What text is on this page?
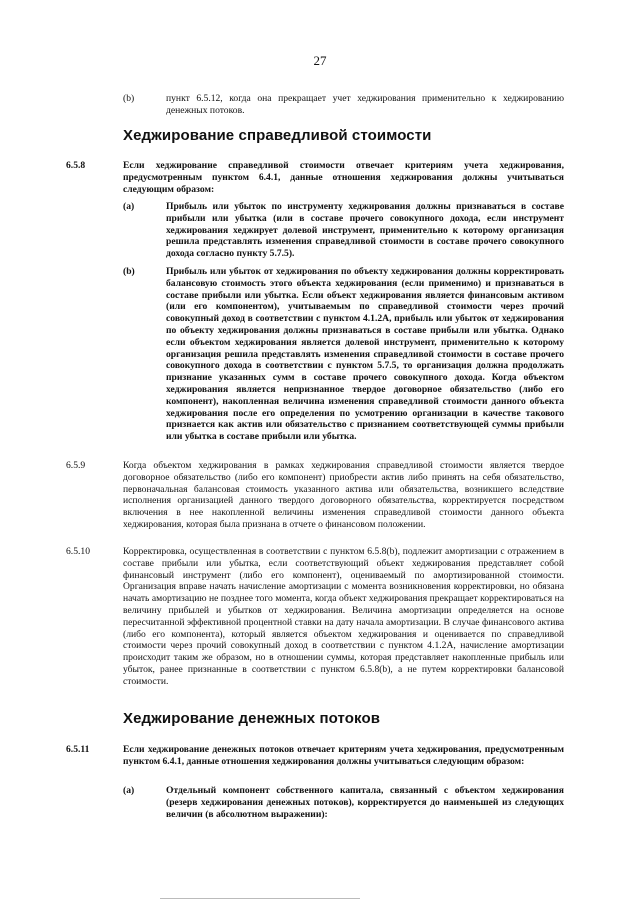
27
(b)	пункт 6.5.12, когда она прекращает учет хеджирования применительно к хеджированию денежных потоков.
Хеджирование справедливой стоимости
6.5.8	Если хеджирование справедливой стоимости отвечает критериям учета хеджирования, предусмотренным пунктом 6.4.1, данные отношения хеджирования должны учитываться следующим образом:
(a)	Прибыль или убыток по инструменту хеджирования должны признаваться в составе прибыли или убытка (или в составе прочего совокупного дохода, если инструмент хеджирования хеджирует долевой инструмент, применительно к которому организация решила представлять изменения справедливой стоимости в составе прочего совокупного дохода согласно пункту 5.7.5).
(b)	Прибыль или убыток от хеджирования по объекту хеджирования должны корректировать балансовую стоимость этого объекта хеджирования (если применимо) и признаваться в составе прибыли или убытка. Если объект хеджирования является финансовым активом (или его компонентом), учитываемым по справедливой стоимости через прочий совокупный доход в соответствии с пунктом 4.1.2А, прибыль или убыток от хеджирования по объекту хеджирования должны признаваться в составе прибыли или убытка. Однако если объектом хеджирования является долевой инструмент, применительно к которому организация решила представлять изменения справедливой стоимости в составе прочего совокупного дохода в соответствии с пунктом 5.7.5, то организация должна продолжать признание указанных сумм в составе прочего совокупного дохода. Когда объектом хеджирования является непризнанное твердое договорное обязательство (либо его компонент), накопленная величина изменения справедливой стоимости данного объекта хеджирования после его определения по усмотрению организации в качестве такового признается как актив или обязательство с признанием соответствующей суммы прибыли или убытка в составе прибыли или убытка.
6.5.9	Когда объектом хеджирования в рамках хеджирования справедливой стоимости является твердое договорное обязательство (либо его компонент) приобрести актив либо принять на себя обязательство, первоначальная балансовая стоимость указанного актива или обязательства, возникшего вследствие исполнения организацией данного твердого договорного обязательства, корректируется посредством включения в нее накопленной величины изменения справедливой стоимости данного объекта хеджирования, которая была признана в отчете о финансовом положении.
6.5.10	Корректировка, осуществленная в соответствии с пунктом 6.5.8(b), подлежит амортизации с отражением в составе прибыли или убытка, если соответствующий объект хеджирования представляет собой финансовый инструмент (либо его компонент), оцениваемый по амортизированной стоимости. Организация вправе начать начисление амортизации с момента возникновения корректировки, но обязана начать амортизацию не позднее того момента, когда объект хеджирования прекращает корректироваться на величину прибылей и убытков от хеджирования. Величина амортизации определяется на основе пересчитанной эффективной процентной ставки на дату начала амортизации. В случае финансового актива (либо его компонента), который является объектом хеджирования и оценивается по справедливой стоимости через прочий совокупный доход в соответствии с пунктом 4.1.2А, начисление амортизации происходит таким же образом, но в отношении суммы, которая представляет накопленные прибыль или убыток, ранее признанные в соответствии с пунктом 6.5.8(b), а не путем корректировки балансовой стоимости.
Хеджирование денежных потоков
6.5.11	Если хеджирование денежных потоков отвечает критериям учета хеджирования, предусмотренным пунктом 6.4.1, данные отношения хеджирования должны учитываться следующим образом:
(a)	Отдельный компонент собственного капитала, связанный с объектом хеджирования (резерв хеджирования денежных потоков), корректируется до наименьшей из следующих величин (в абсолютном выражении):
